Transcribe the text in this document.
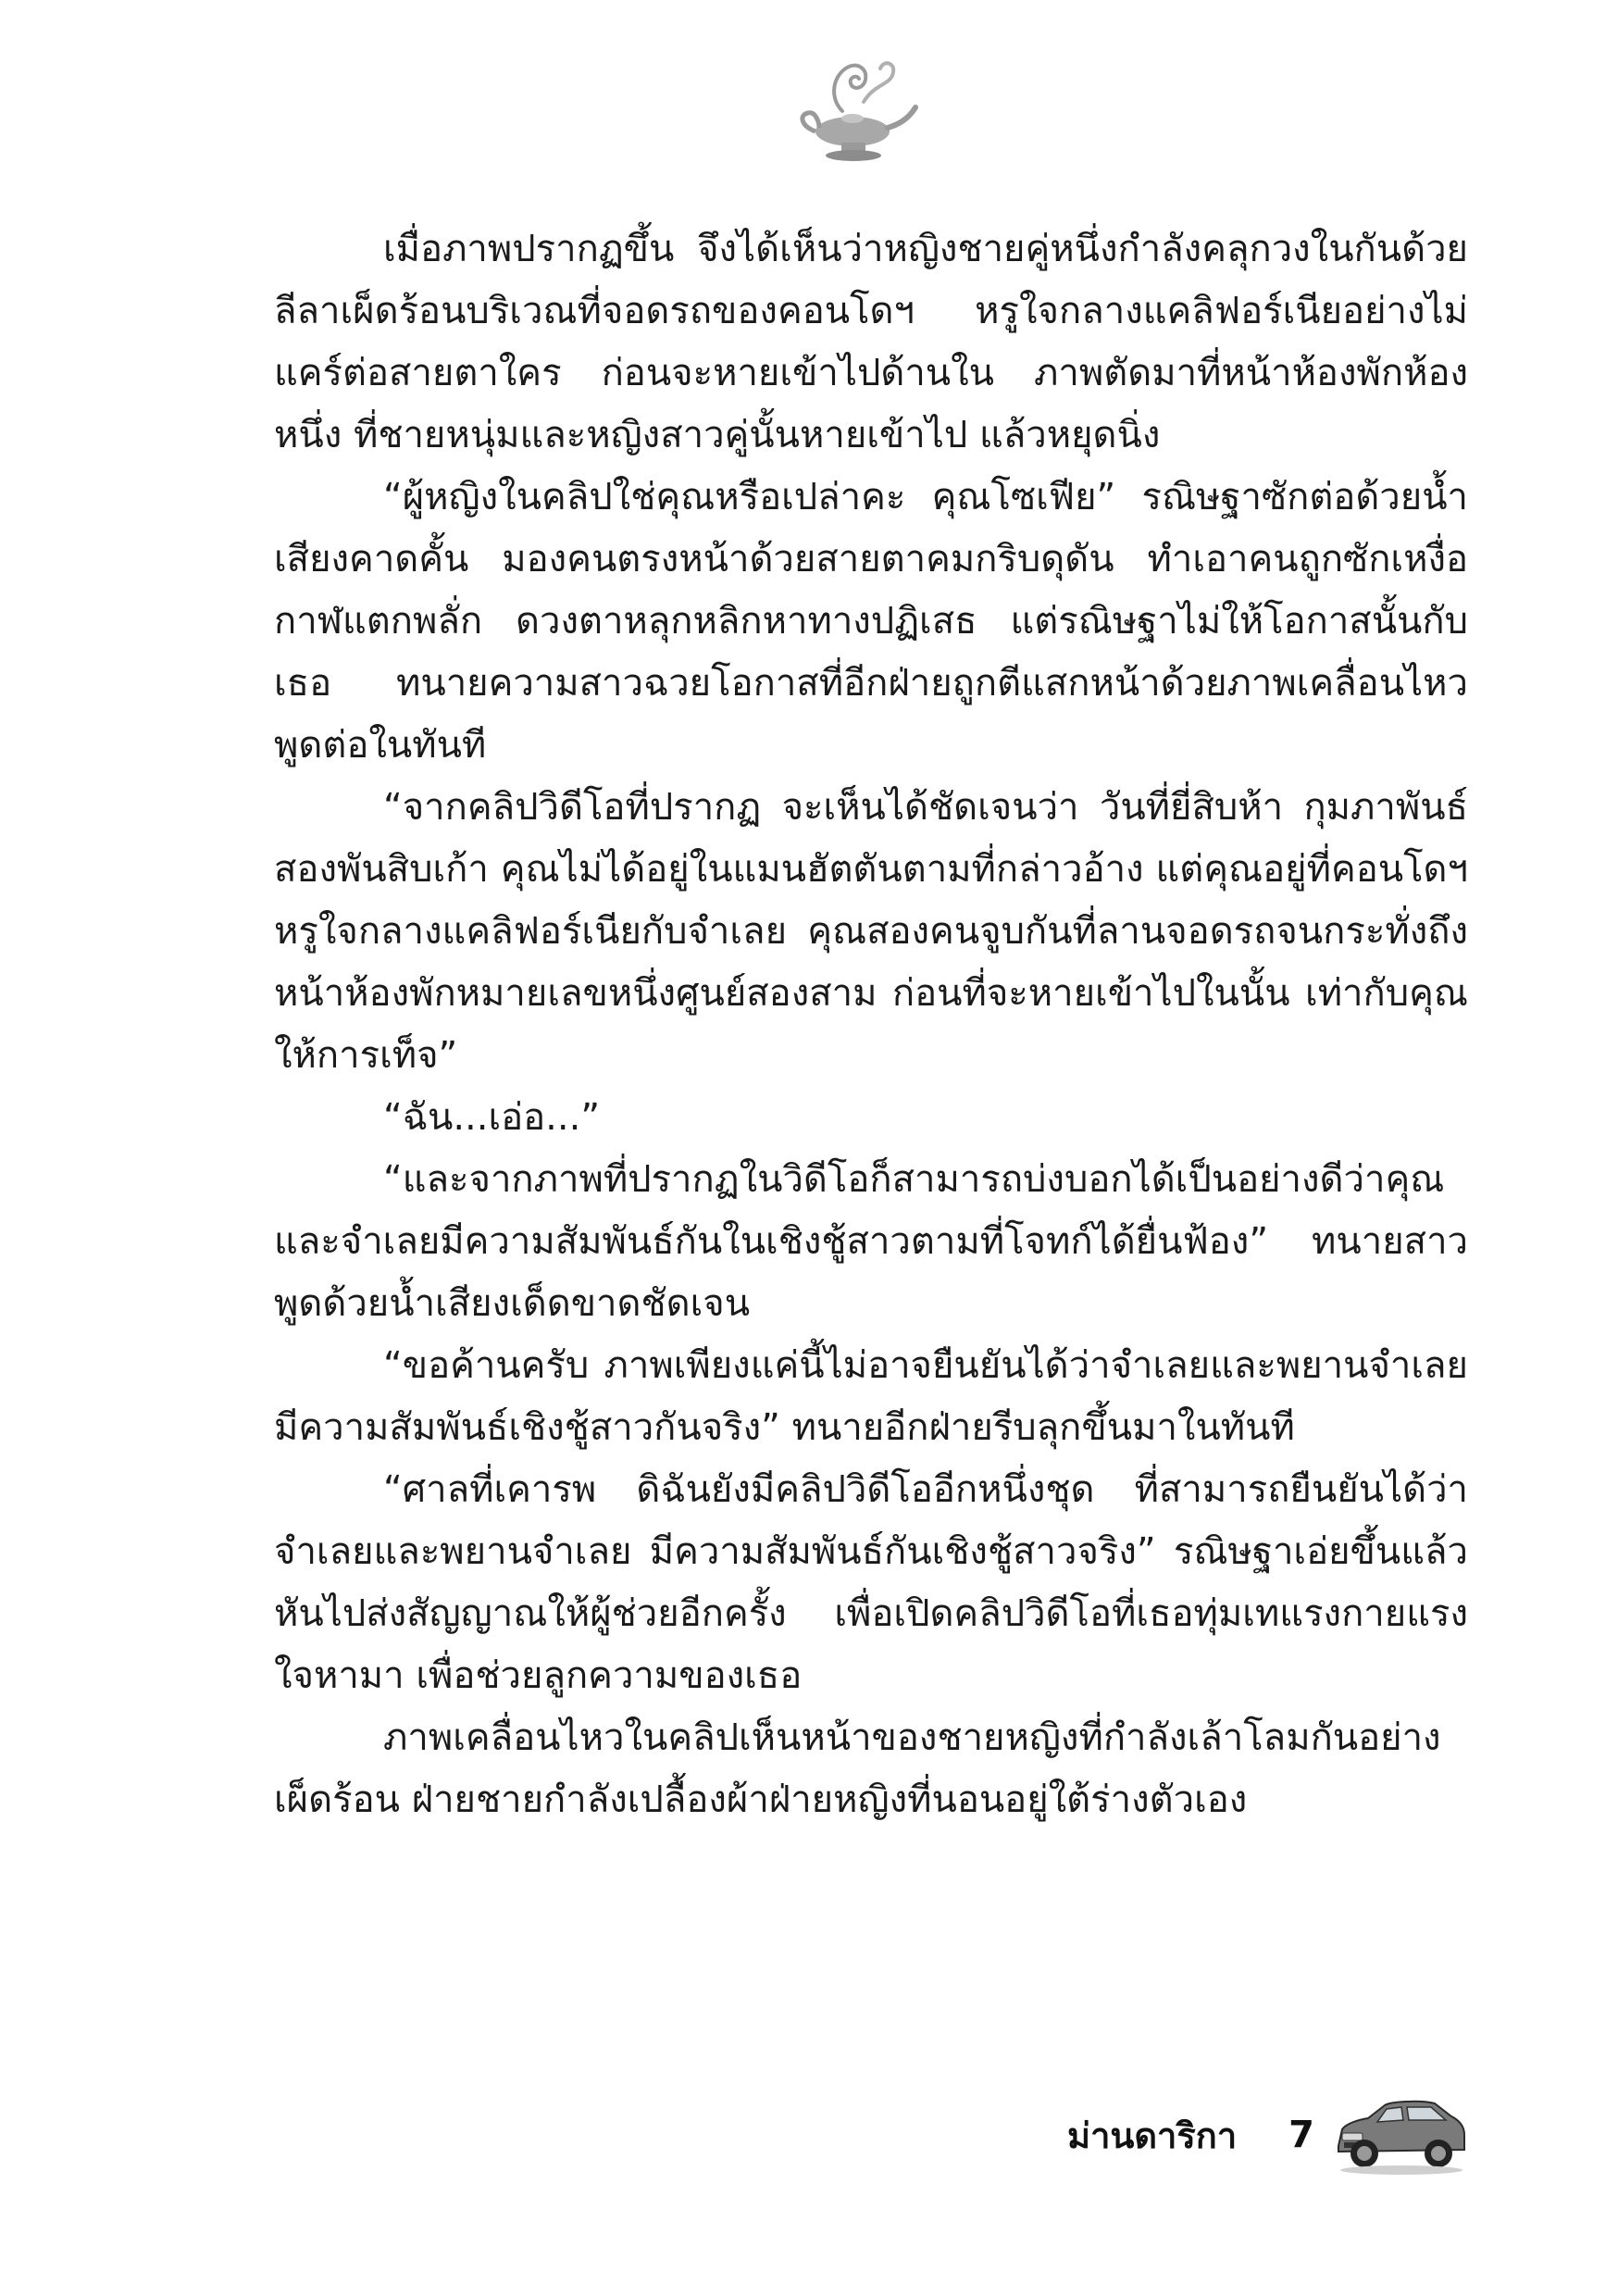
เมื่อภาพปรากฏขึ้น จึงได้เห็นว่าหญิงชายคู่หนึ่งกำลังคลุกวงในกันด้วยลีลาเผ็ดร้อนบริเวณที่จอดรถของคอนโดฯ หรูใจกลางแคลิฟอร์เนียอย่างไม่แคร์ต่อสายตาใคร ก่อนจะหายเข้าไปด้านใน ภาพตัดมาที่หน้าห้องพักห้องหนึ่ง ที่ชายหนุ่มและหญิงสาวคู่นั้นหายเข้าไป แล้วหยุดนิ่ง

“ผู้หญิงในคลิปใช่คุณหรือเปล่าคะ คุณโซเฟีย” รณิษฐาซักต่อด้วยน้ำเสียงคาดคั้น มองคนตรงหน้าด้วยสายตาคมกริบดุดัน ทำเอาคนถูกซักเหงื่อกาฬแตกพลั่ก ดวงตาหลุกหลิกหาทางปฏิเสธ แต่รณิษฐาไม่ให้โอกาสนั้นกับเธอ ทนายความสาวฉวยโอกาสที่อีกฝ่ายถูกตีแสกหน้าด้วยภาพเคลื่อนไหว พูดต่อในทันที

“จากคลิปวิดีโอที่ปรากฏ จะเห็นได้ชัดเจนว่า วันที่ยี่สิบห้า กุมภาพันธ์สองพันสิบเก้า คุณไม่ได้อยู่ในแมนฮัตตันตามที่กล่าวอ้าง แต่คุณอยู่ที่คอนโดฯ หรูใจกลางแคลิฟอร์เนียกับจำเลย คุณสองคนจูบกันที่ลานจอดรถจนกระทั่งถึงหน้าห้องพักหมายเลขหนึ่งศูนย์สองสาม ก่อนที่จะหายเข้าไปในนั้น เท่ากับคุณให้การเท็จ”

“ฉัน...เอ่อ...”

“และจากภาพที่ปรากฏในวิดีโอก็สามารถบ่งบอกได้เป็นอย่างดีว่าคุณและจำเลยมีความสัมพันธ์กันในเชิงชู้สาวตามที่โจทก์ได้ยื่นฟ้อง” ทนายสาวพูดด้วยน้ำเสียงเด็ดขาดชัดเจน

“ขอค้านครับ ภาพเพียงแค่นี้ไม่อาจยืนยันได้ว่าจำเลยและพยานจำเลยมีความสัมพันธ์เชิงชู้สาวกันจริง” ทนายอีกฝ่ายรีบลุกขึ้นมาในทันที

“ศาลที่เคารพ ดิฉันยังมีคลิปวิดีโออีกหนึ่งชุด ที่สามารถยืนยันได้ว่าจำเลยและพยานจำเลย มีความสัมพันธ์กันเชิงชู้สาวจริง” รณิษฐาเอ่ยขึ้นแล้วหันไปส่งสัญญาณให้ผู้ช่วยอีกครั้ง เพื่อเปิดคลิปวิดีโอที่เธอทุ่มเทแรงกายแรงใจหามา เพื่อช่วยลูกความของเธอ

ภาพเคลื่อนไหวในคลิปเห็นหน้าของชายหญิงที่กำลังเล้าโลมกันอย่างเผ็ดร้อน ฝ่ายชายกำลังเปลื้องผ้าฝ่ายหญิงที่นอนอยู่ใต้ร่างตัวเอง

ม่านดาริกา 7
